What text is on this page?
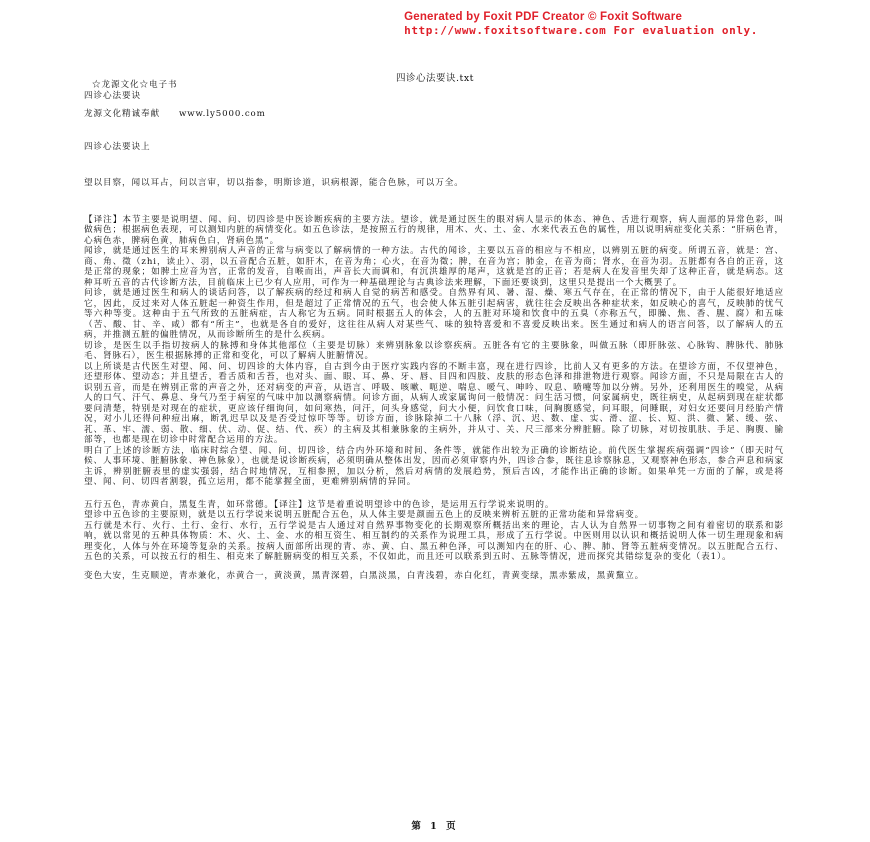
Generated by Foxit PDF Creator © Foxit Software
http://www.foxitsoftware.com For evaluation only.
四诊心法要诀.txt

☆龙源文化☆电子书

四诊心法要诀

龙源文化精诚奉献　　www.ly5000.com

四诊心法要诀上

望以目察，闻以耳占，问以言审，切以指参，明斯诊道，识病根源，能合色脉，可以万全。

【译注】本节主要是说明望、闻、问、切四诊是中医诊断疾病的主要方法。望诊，就是通过医生的眼对病人显示的体态、神色、舌进行观察，病人面部的异常色彩，叫做病色；根据病色表现，可以测知内脏的病情变化。如五色诊法，是按照五行的规律，用木、火、土、金、水来代表五色的属性，用以说明病症变化关系：“肝病色青，心病色赤，脾病色黄，肺病色白，肾病色黑”。

闻诊，就是通过医生的耳来辨别病人声音的正常与病变以了解病情的一种方法。古代的闻诊，主要以五音的相应与不相应，以辨别五脏的病变。所谓五音，就是：宫、商、角、徵（zhi，读止）、羽，以五音配合五脏，如肝木，在音为角；心火，在音为徵；脾，在音为宫；肺金，在音为商；肾水，在音为羽。五脏都有各自的正音，这是正常的现象；如脾土应音为宫，正常的发音，自喉而出，声音长大而调和，有沉洪雄厚的尾声，这就是宫的正音；若是病人在发音里失却了这种正音，就是病态。这种耳听五音的古代诊断方法，目前临床上已少有人应用，可作为一种基础理论与古典诊法来理解，下面还要谈到，这里只是提出一个大概罢了。

问诊，就是通过医生和病人的谈话问答，以了解疾病的经过和病人自觉的病苦和感受。自然界有风、暑、湿、燥、寒五气存在，在正常的情况下，由于人能很好地适应它，因此，反过来对人体五脏起一种资生作用，但是超过了正常情况的五气，也会使人体五脏引起病害，就往往会反映出各种症状来，如反映心的喜气，反映肺的忧气等六种等变。这种由于五气所致的五脏病症，古人称它为五病。同时根据五人的体会，人的五脏对环境和饮食中的五臭（亦称五气，即臊、焦、香、腥、腐）和五味（苦、酸、甘、辛、咸）都有“所主”，也就是各自的爱好，这往往从病人对某些气、味的独特喜爱和不喜爱反映出来。医生通过和病人的语言问答，以了解病人的五病，并推测五脏的偏胜情况，从而诊断所生的是什么疾病。

切诊，是医生以手指切按病人的脉搏和身体其他部位（主要是切脉）来辨别脉象以诊察疾病。五脏各有它的主要脉象，叫做五脉（即肝脉弦、心脉钩、脾脉代、肺脉毛、肾脉石），医生根据脉搏的正常和变化，可以了解病人脏腑情况。

以上所谈是古代医生对望、闻、问、切四诊的大体内容，自古到今由于医疗实践内容的不断丰富，现在进行四诊，比前人又有更多的方法。在望诊方面，不仅望神色，还望形体、望动态；并且望舌，看舌质和舌苔，也对头、面、眼、耳、鼻、牙、唇、目四和四肢、皮肤的形态色泽和排泄物进行观察。闻诊方面，不只是局限在古人的识别五音，而是在辨别正常的声音之外，还对病变的声音，从语言、呼吸、咳嗽、呃逆、喘息、嗳气、呻吟、叹息、喷嚏等加以分辨。另外，还利用医生的嗅觉，从病人的口气、汗气、鼻息、身气乃至于病室的气味中加以测察病情。问诊方面，从病人或家属询问一般情况：问生活习惯，问家属病史，既往病史，从起病到现在症状都要问清楚，特别是对现在的症状，更应该仔细询问，如问寒热，问汗，问头身感觉，问大小便，问饮食口味，问胸腹感觉，问耳眼，问睡眠，对妇女还要问月经胎产情况，对小儿还得问种痘出麻，断乳迟早以及是否受过惊吓等等。切诊方面，诊脉除掉二十八脉（浮、沉、迟、数、虚、实、滑、涩、长、短、洪、微、紧、缓、弦、芤、革、牢、濡、弱、散、细、伏、动、促、结、代、疾）的主病及其相兼脉象的主病外，并从寸、关、尺三部来分辨脏腑。除了切脉，对切按肌肤、手足、胸腹、腧部等，也都是现在切诊中时常配合运用的方法。

明白了上述的诊断方法，临床时综合望、闻、问、切四诊，结合内外环境和时间、条件等，就能作出较为正确的诊断结论。前代医生掌握疾病强调“四诊”（即天时气候、人事环境、脏腑脉象、神色脉象），也就是说诊断疾病，必须明确从整体出发，因而必须审察内外，四诊合参，既往息诊察脉息，又观察神色形态，参合声息和病家主诉，辨别脏腑表里的虚实强弱，结合时地情况，互相参照，加以分析，然后对病情的发展趋势，预后吉凶，才能作出正确的诊断。如果单凭一方面的了解，或是将望、闻、问、切四者割裂，孤立运用，都不能掌握全面，更难辨别病情的异同。

五行五色，青赤黄白，黑复生青，如环常德。【译注】这节是着重说明望诊中的色诊，是运用五行学说来说明的。

望诊中五色诊的主要原则，就是以五行学说来说明五脏配合五色，从人体主要是颜面五色上的反映来辨析五脏的正常功能和异常病变。

五行就是木行、火行、土行、金行、水行，五行学说是古人通过对自然界事物变化的长期观察所概括出来的理论，古人认为自然界一切事物之间有着密切的联系和影响，就以常见的五种具体物质：木、火、土、金、水的相互资生、相互制约的关系作为说理工具，形成了五行学说。中医则用以认识和概括说明人体一切生理现象和病理变化，人体与外在环境等复杂的关系。按病人面部所出现的青、赤、黄、白、黑五种色泽，可以测知内在的肝、心、脾、肺、肾等五脏病变情况。以五脏配合五行、五色的关系，可以按五行的相生、相克来了解脏腑病变的相互关系，不仅如此，而且还可以联系到五时、五脉等情况，进而探究其错综复杂的变化（表1）。

变色大安，生克顺逆，青赤兼化，赤黄合一，黄淡黄，黑青深碧，白黑淡黑，白青浅碧，赤白化红，青黄变绿，黑赤紫成，黑黄黧立。

第 1 页
